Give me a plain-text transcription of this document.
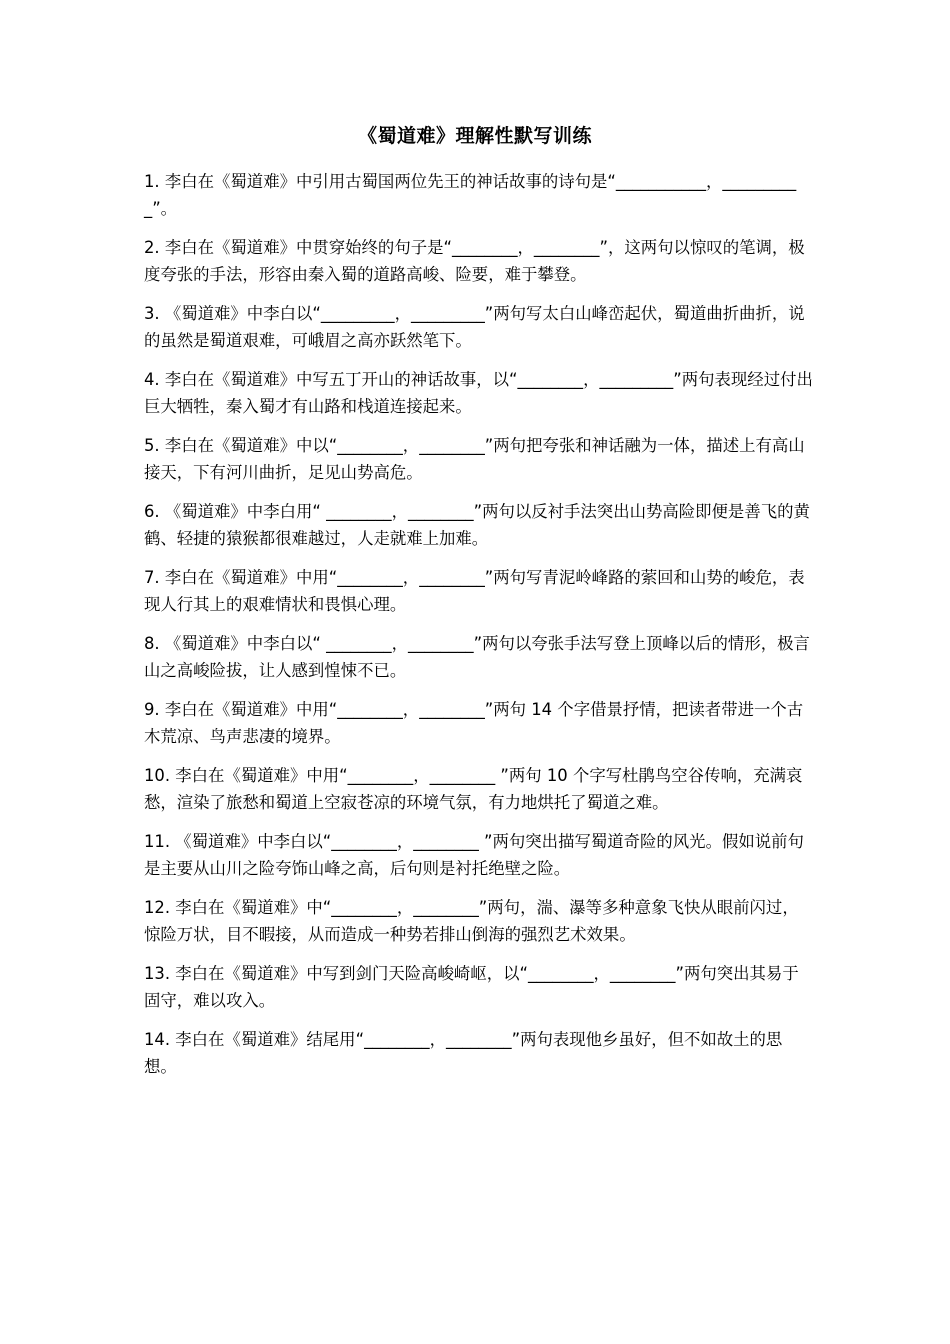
《蜀道难》理解性默写训练

1. 李白在《蜀道难》中引用古蜀国两位先王的神话故事的诗句是“___________，__________”。

2. 李白在《蜀道难》中贯穿始终的句子是“________，________”，这两句以惊叹的笔调，极度夸张的手法，形容由秦入蜀的道路高峻、险要，难于攀登。

3. 《蜀道难》中李白以“_________，_________”两句写太白山峰峦起伏，蜀道曲折曲折，说的虽然是蜀道艰难，可峨眉之高亦跃然笔下。

4. 李白在《蜀道难》中写五丁开山的神话故事，以“________，_________”两句表现经过付出巨大牺牲，秦入蜀才有山路和栈道连接起来。

5. 李白在《蜀道难》中以“________，________”两句把夸张和神话融为一体，描述上有高山接天，下有河川曲折，足见山势高危。

6. 《蜀道难》中李白用“ ________，________”两句以反衬手法突出山势高险即便是善飞的黄鹤、轻捷的猿猴都很难越过，人走就难上加难。

7. 李白在《蜀道难》中用“________，________”两句写青泥岭峰路的萦回和山势的峻危，表现人行其上的艰难情状和畏惧心理。

8. 《蜀道难》中李白以“ ________，________”两句以夸张手法写登上顶峰以后的情形，极言山之高峻险拔，让人感到惶悚不已。

9. 李白在《蜀道难》中用“________，________”两句 14 个字借景抒情，把读者带进一个古木荒凉、鸟声悲凄的境界。

10. 李白在《蜀道难》中用“________，________ ”两句 10 个字写杜鹃鸟空谷传响，充满哀愁，渲染了旅愁和蜀道上空寂苍凉的环境气氛，有力地烘托了蜀道之难。

11. 《蜀道难》中李白以“________，________ ”两句突出描写蜀道奇险的风光。假如说前句是主要从山川之险夸饰山峰之高，后句则是衬托绝壁之险。

12. 李白在《蜀道难》中“________，________”两句，湍、瀑等多种意象飞快从眼前闪过，惊险万状，目不暇接，从而造成一种势若排山倒海的强烈艺术效果。

13. 李白在《蜀道难》中写到剑门天险高峻崎岖，以“________，________”两句突出其易于固守，难以攻入。

14. 李白在《蜀道难》结尾用“________，________”两句表现他乡虽好，但不如故土的思想。
